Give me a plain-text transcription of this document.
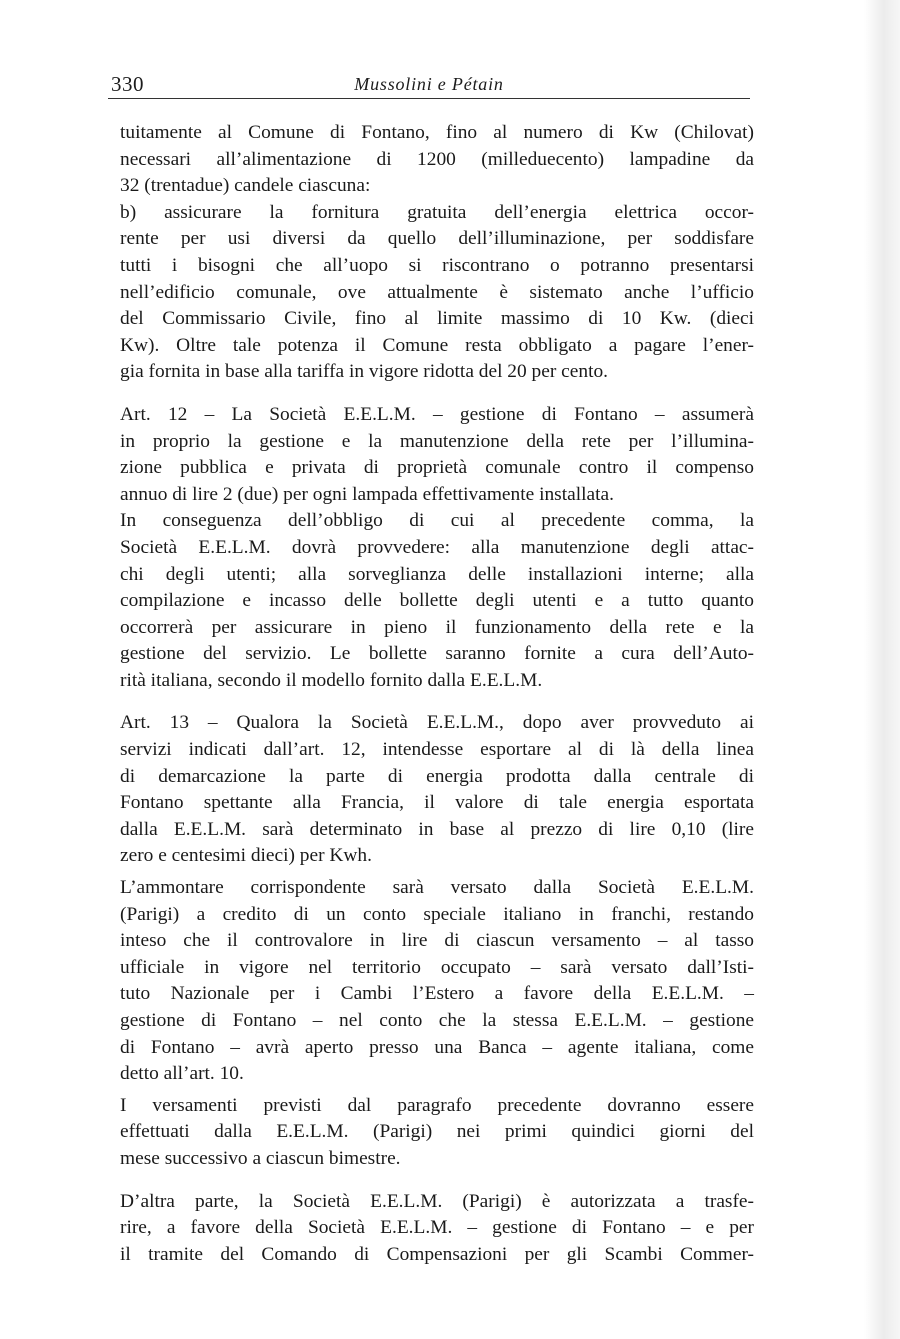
330	Mussolini e Pétain
tuitamente al Comune di Fontano, fino al numero di Kw (Chilovat)
necessari all’alimentazione di 1200 (milleduecento) lampadine da
32 (trentadue) candele ciascuna:
b) assicurare la fornitura gratuita dell’energia elettrica occor-
rente per usi diversi da quello dell’illuminazione, per soddisfare
tutti i bisogni che all’uopo si riscontrano o potranno presentarsi
nell’edificio comunale, ove attualmente è sistemato anche l’ufficio
del Commissario Civile, fino al limite massimo di 10 Kw. (dieci
Kw). Oltre tale potenza il Comune resta obbligato a pagare l’ener-
gia fornita in base alla tariffa in vigore ridotta del 20 per cento.
Art. 12 – La Società E.E.L.M. – gestione di Fontano – assumerà
in proprio la gestione e la manutenzione della rete per l’illumina-
zione pubblica e privata di proprietà comunale contro il compenso
annuo di lire 2 (due) per ogni lampada effettivamente installata.
In conseguenza dell’obbligo di cui al precedente comma, la
Società E.E.L.M. dovrà provvedere: alla manutenzione degli attac-
chi degli utenti; alla sorveglianza delle installazioni interne; alla
compilazione e incasso delle bollette degli utenti e a tutto quanto
occorrerà per assicurare in pieno il funzionamento della rete e la
gestione del servizio. Le bollette saranno fornite a cura dell’Auto-
rità italiana, secondo il modello fornito dalla E.E.L.M.
Art. 13 – Qualora la Società E.E.L.M., dopo aver provveduto ai
servizi indicati dall’art. 12, intendesse esportare al di là della linea
di demarcazione la parte di energia prodotta dalla centrale di
Fontano spettante alla Francia, il valore di tale energia esportata
dalla E.E.L.M. sarà determinato in base al prezzo di lire 0,10 (lire
zero e centesimi dieci) per Kwh.
L’ammontare corrispondente sarà versato dalla Società E.E.L.M.
(Parigi) a credito di un conto speciale italiano in franchi, restando
inteso che il controvalore in lire di ciascun versamento – al tasso
ufficiale in vigore nel territorio occupato – sarà versato dall’Isti-
tuto Nazionale per i Cambi l’Estero a favore della E.E.L.M. –
gestione di Fontano – nel conto che la stessa E.E.L.M. – gestione
di Fontano – avrà aperto presso una Banca – agente italiana, come
detto all’art. 10.
I versamenti previsti dal paragrafo precedente dovranno essere
effettuati dalla E.E.L.M. (Parigi) nei primi quindici giorni del
mese successivo a ciascun bimestre.
D’altra parte, la Società E.E.L.M. (Parigi) è autorizzata a trasfe-
rire, a favore della Società E.E.L.M. – gestione di Fontano – e per
il tramite del Comando di Compensazioni per gli Scambi Commer-
